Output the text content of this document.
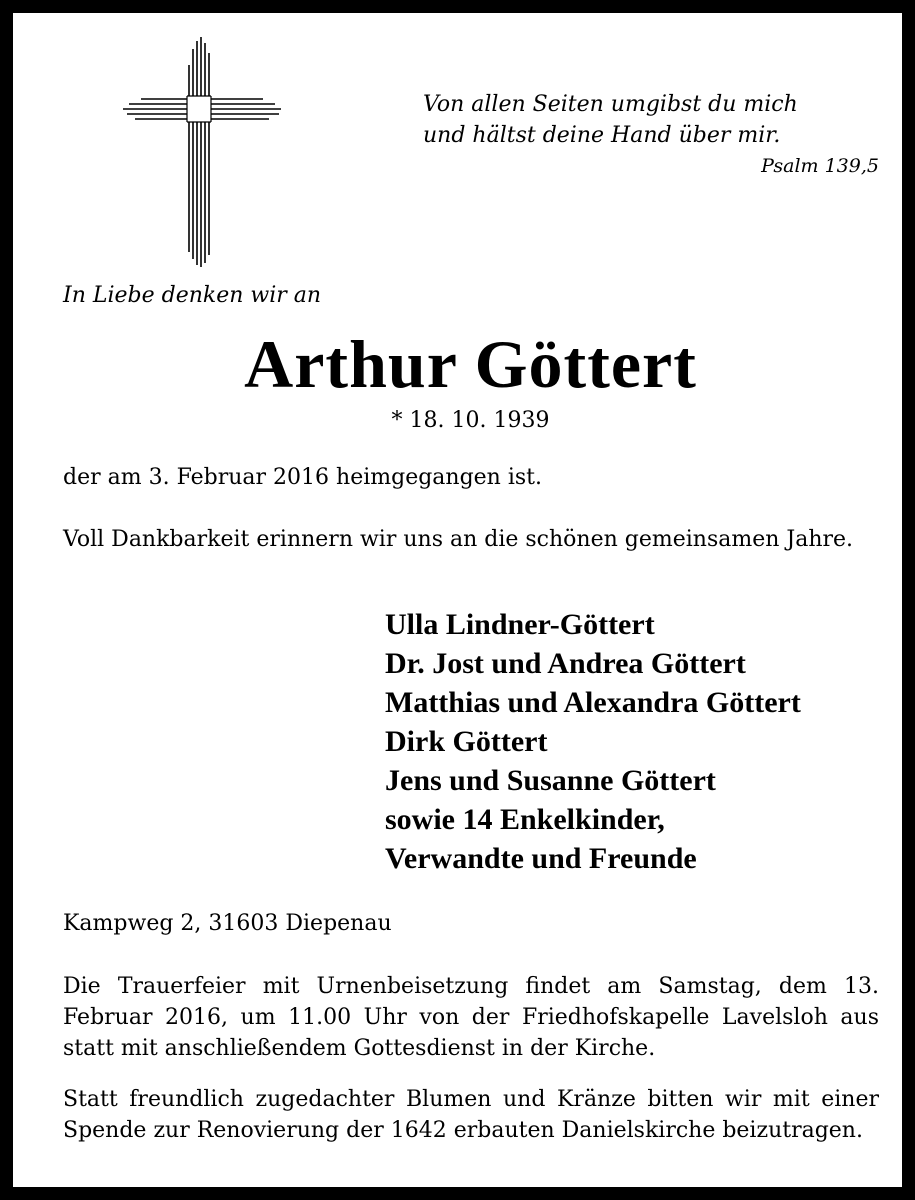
Von allen Seiten umgibst du mich
und hältst deine Hand über mir.
Psalm 139,5
In Liebe denken wir an
Arthur Göttert
* 18. 10. 1939
der am 3. Februar 2016 heimgegangen ist.
Voll Dankbarkeit erinnern wir uns an die schönen gemeinsamen Jahre.
Ulla Lindner-Göttert
Dr. Jost und Andrea Göttert
Matthias und Alexandra Göttert
Dirk Göttert
Jens und Susanne Göttert
sowie 14 Enkelkinder,
Verwandte und Freunde
Kampweg 2, 31603 Diepenau
Die Trauerfeier mit Urnenbeisetzung findet am Samstag, dem 13. Februar 2016, um 11.00 Uhr von der Friedhofskapelle Lavelsloh aus statt mit anschließendem Gottesdienst in der Kirche.
Statt freundlich zugedachter Blumen und Kränze bitten wir mit einer Spende zur Renovierung der 1642 erbauten Danielskirche beizutragen.
